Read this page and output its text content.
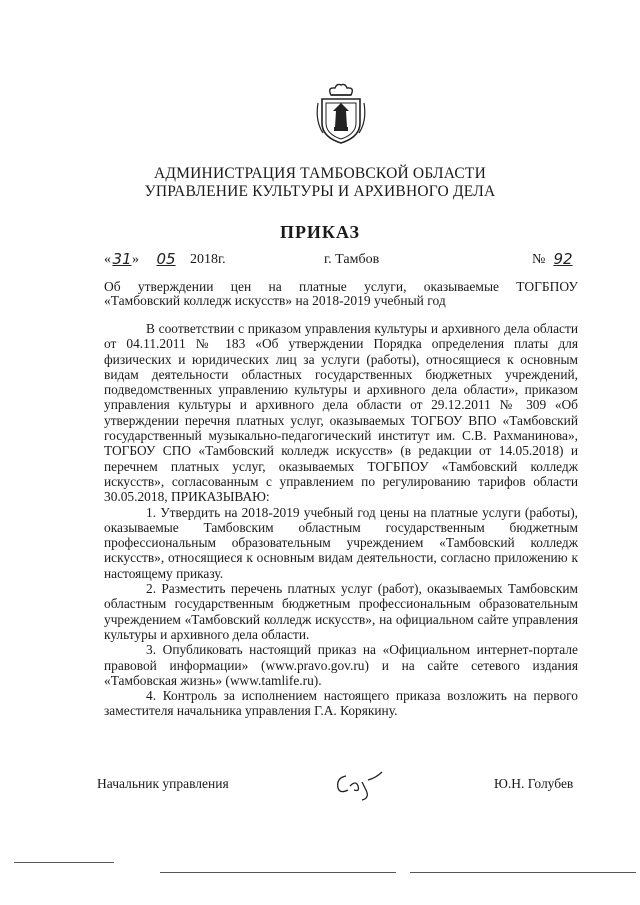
АДМИНИСТРАЦИЯ ТАМБОВСКОЙ ОБЛАСТИ
УПРАВЛЕНИЕ КУЛЬТУРЫ И АРХИВНОГО ДЕЛА
ПРИКАЗ
« 31 »	05	2018г.	г. Тамбов	№ 92
Об утверждении цен на платные услуги, оказываемые ТОГБПОУ
«Тамбовский колледж искусств» на 2018-2019 учебный год

В соответствии с приказом управления культуры и архивного дела области от 04.11.2011 № 183 «Об утверждении Порядка определения платы для физических и юридических лиц за услуги (работы), относящиеся к основным видам деятельности областных государственных бюджетных учреждений, подведомственных управлению культуры и архивного дела области», приказом управления культуры и архивного дела области от 29.12.2011 № 309 «Об утверждении перечня платных услуг, оказываемых ТОГБОУ ВПО «Тамбовский государственный музыкально-педагогический институт им. С.В. Рахманинова», ТОГБОУ СПО «Тамбовский колледж искусств» (в редакции от 14.05.2018) и перечнем платных услуг, оказываемых ТОГБПОУ «Тамбовский колледж искусств», согласованным с управлением по регулированию тарифов области 30.05.2018, ПРИКАЗЫВАЮ:

1. Утвердить на 2018-2019 учебный год цены на платные услуги (работы), оказываемые Тамбовским областным государственным бюджетным профессиональным образовательным учреждением «Тамбовский колледж искусств», относящиеся к основным видам деятельности, согласно приложению к настоящему приказу.

2. Разместить перечень платных услуг (работ), оказываемых Тамбовским областным государственным бюджетным профессиональным образовательным учреждением «Тамбовский колледж искусств», на официальном сайте управления культуры и архивного дела области.

3. Опубликовать настоящий приказ на «Официальном интернет-портале правовой информации» (www.pravo.gov.ru) и на сайте сетевого издания «Тамбовская жизнь» (www.tamlife.ru).

4. Контроль за исполнением настоящего приказа возложить на первого заместителя начальника управления Г.А. Корякину.

Начальник управления	Ю.Н. Голубев
